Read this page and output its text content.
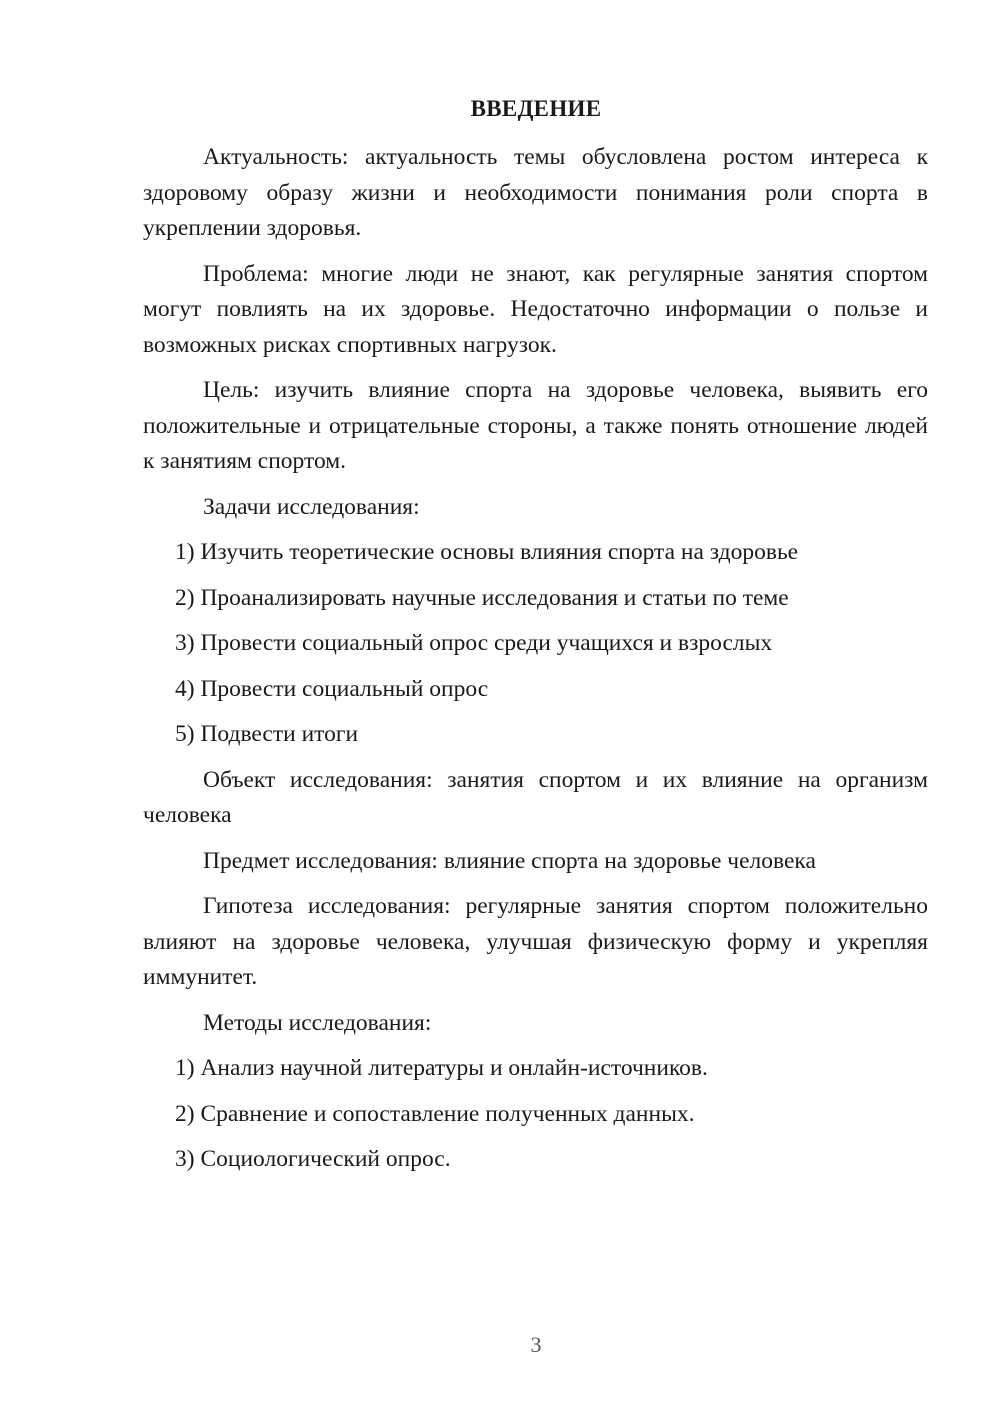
ВВЕДЕНИЕ

Актуальность: актуальность темы обусловлена ростом интереса к здоровому образу жизни и необходимости понимания роли спорта в укреплении здоровья.

Проблема: многие люди не знают, как регулярные занятия спортом могут повлиять на их здоровье. Недостаточно информации о пользе и возможных рисках спортивных нагрузок.

Цель: изучить влияние спорта на здоровье человека, выявить его положительные и отрицательные стороны, а также понять отношение людей к занятиям спортом.

Задачи исследования:

1) Изучить теоретические основы влияния спорта на здоровье
2) Проанализировать научные исследования и статьи по теме
3) Провести социальный опрос среди учащихся и взрослых
4) Провести социальный опрос
5) Подвести итоги

Объект исследования: занятия спортом и их влияние на организм человека

Предмет исследования: влияние спорта на здоровье человека

Гипотеза исследования: регулярные занятия спортом положительно влияют на здоровье человека, улучшая физическую форму и укрепляя иммунитет.

Методы исследования:

1) Анализ научной литературы и онлайн-источников.
2) Сравнение и сопоставление полученных данных.
3) Социологический опрос.
3
